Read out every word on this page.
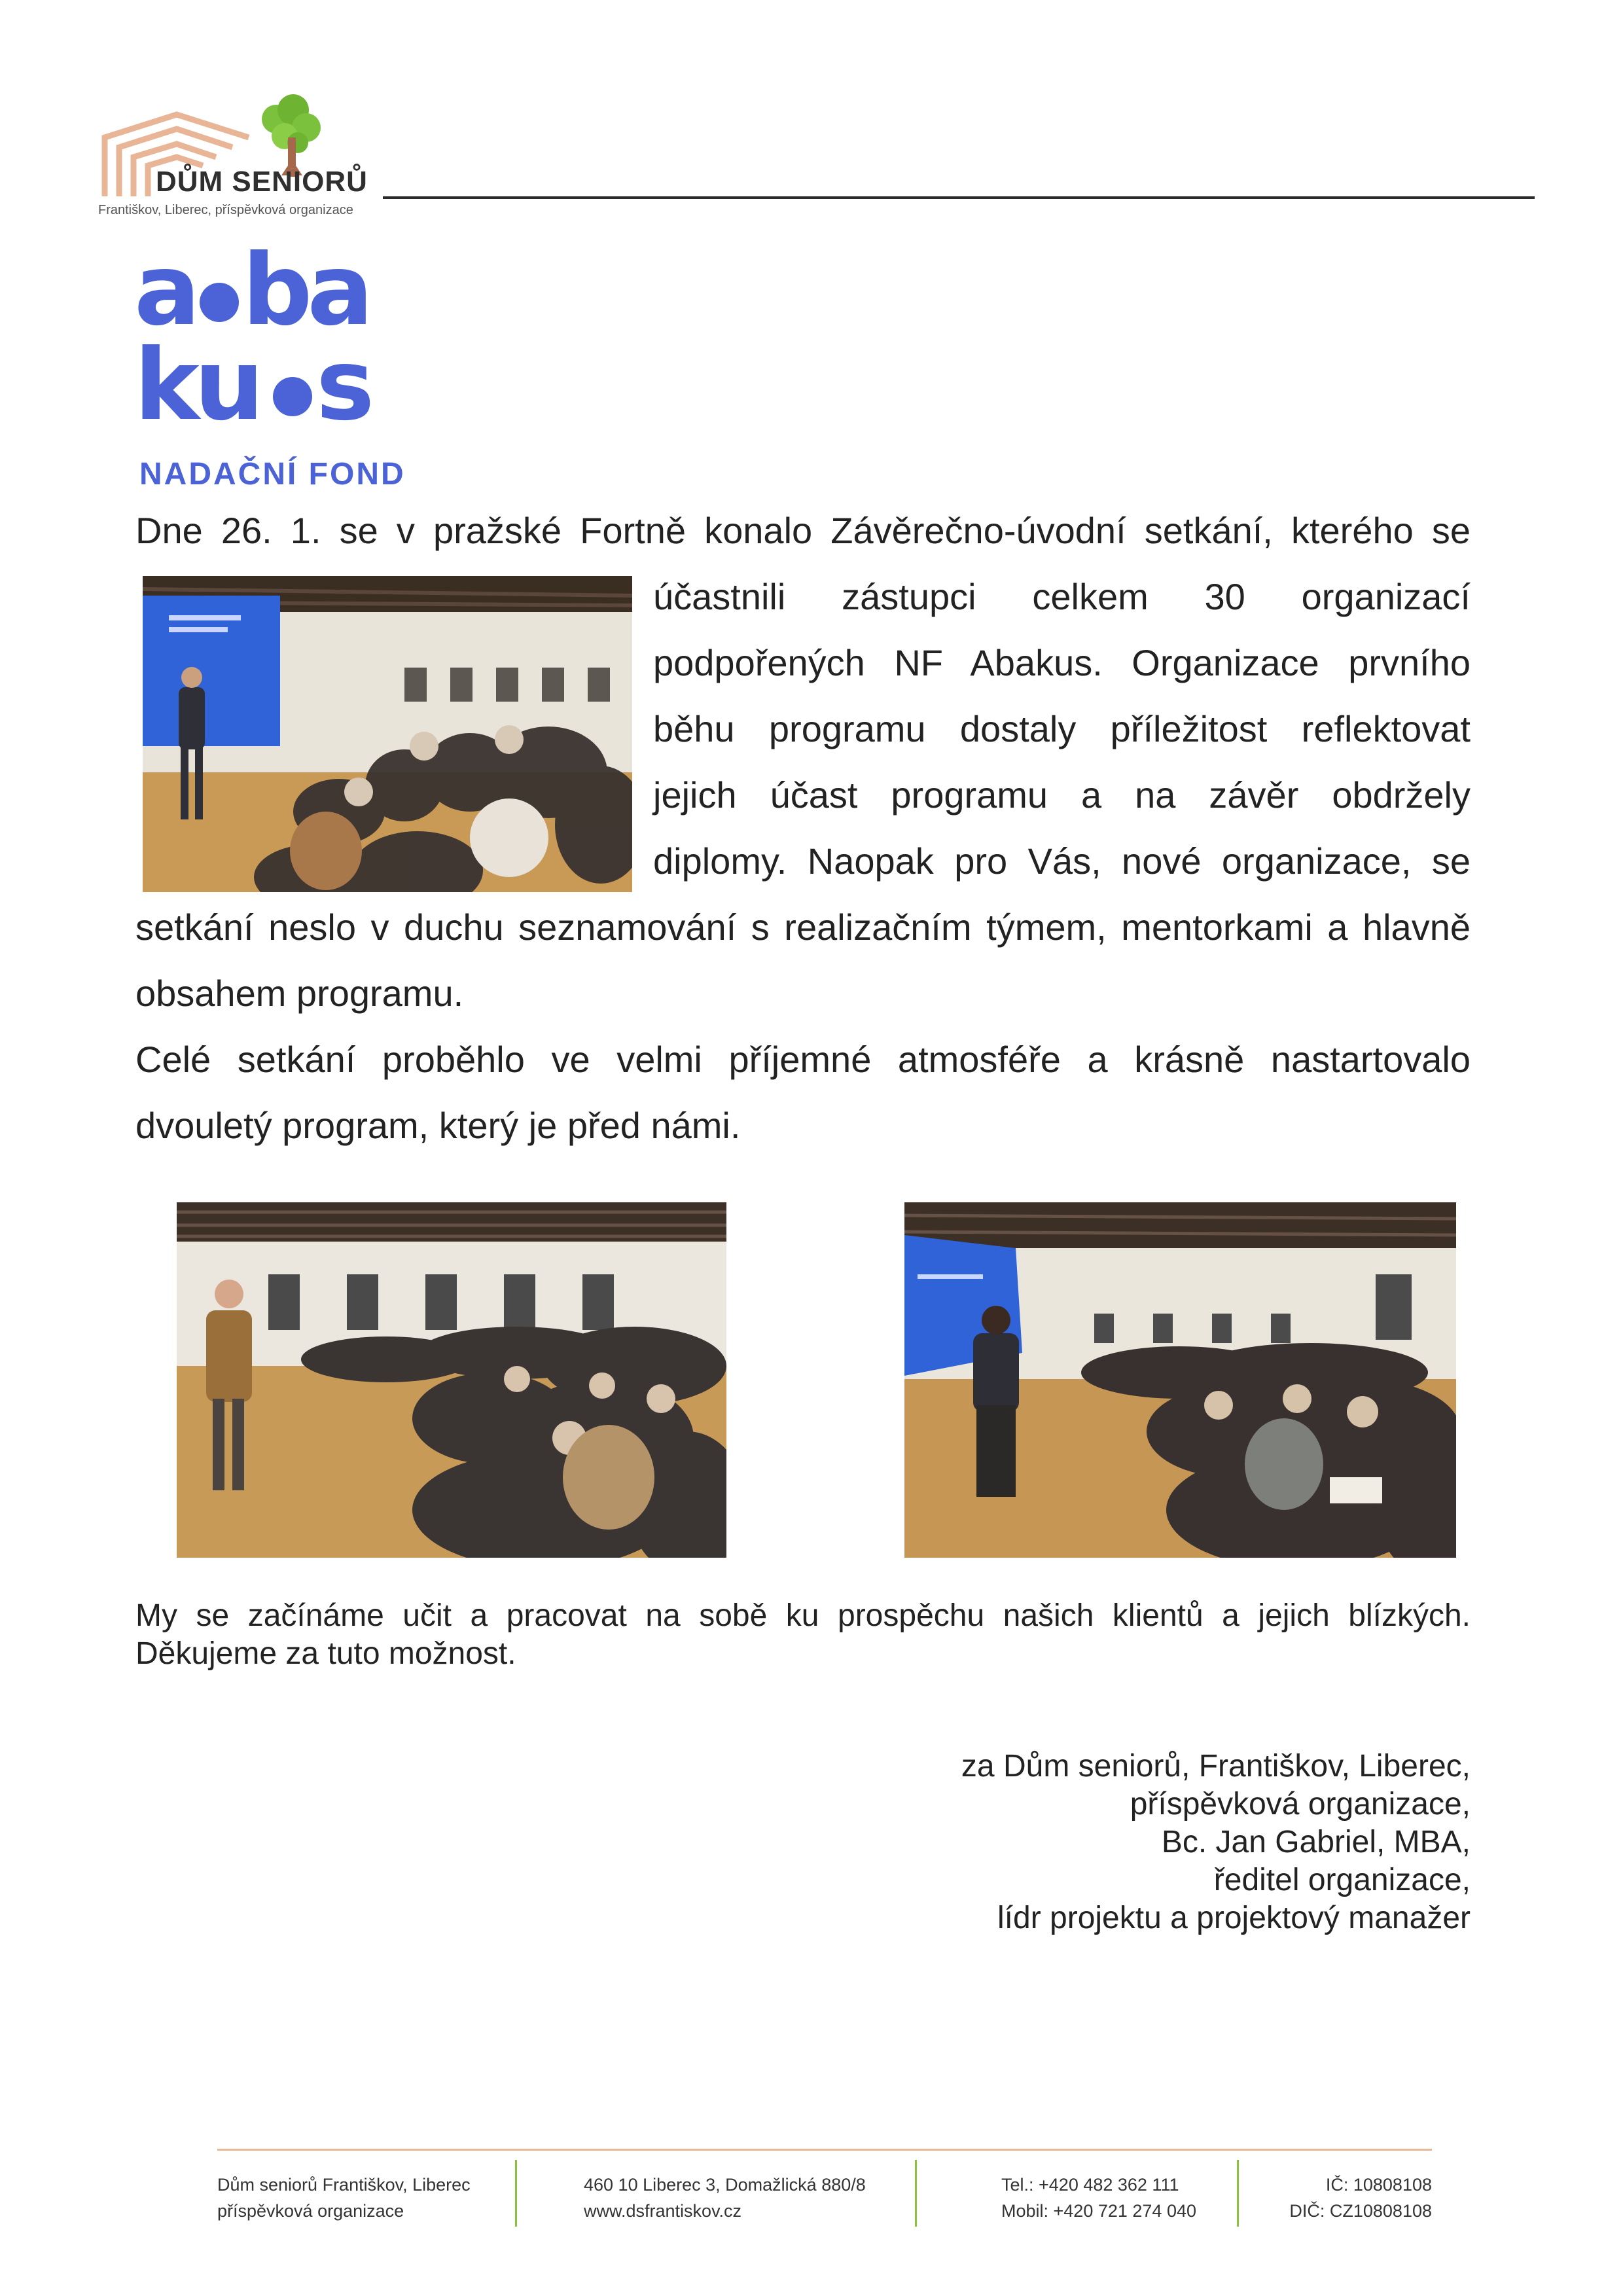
DŮM SENIORŮ
Františkov, Liberec, příspěvková organizace
a ba
ku s
NADAČNÍ FOND
Dne 26. 1. se v pražské Fortně konalo Závěrečno-úvodní setkání, kterého se
účastnili zástupci celkem 30 organizací
podpořených NF Abakus. Organizace prvního
běhu programu dostaly příležitost reflektovat
jejich účast programu a na závěr obdržely
diplomy. Naopak pro Vás, nové organizace, se
setkání neslo v duchu seznamování s realizačním týmem, mentorkami a hlavně
obsahem programu.
Celé setkání proběhlo ve velmi příjemné atmosféře a krásně nastartovalo
dvouletý program, který je před námi.
My se začínáme učit a pracovat na sobě ku prospěchu našich klientů a jejich blízkých.
Děkujeme za tuto možnost.
za Dům seniorů, Františkov, Liberec,
příspěvková organizace,
Bc. Jan Gabriel, MBA,
ředitel organizace,
lídr projektu a projektový manažer
Dům seniorů Františkov, Liberec
příspěvková organizace
460 10 Liberec 3, Domažlická 880/8
www.dsfrantiskov.cz
Tel.: +420 482 362 111
Mobil: +420 721 274 040
IČ: 10808108
DIČ: CZ10808108
